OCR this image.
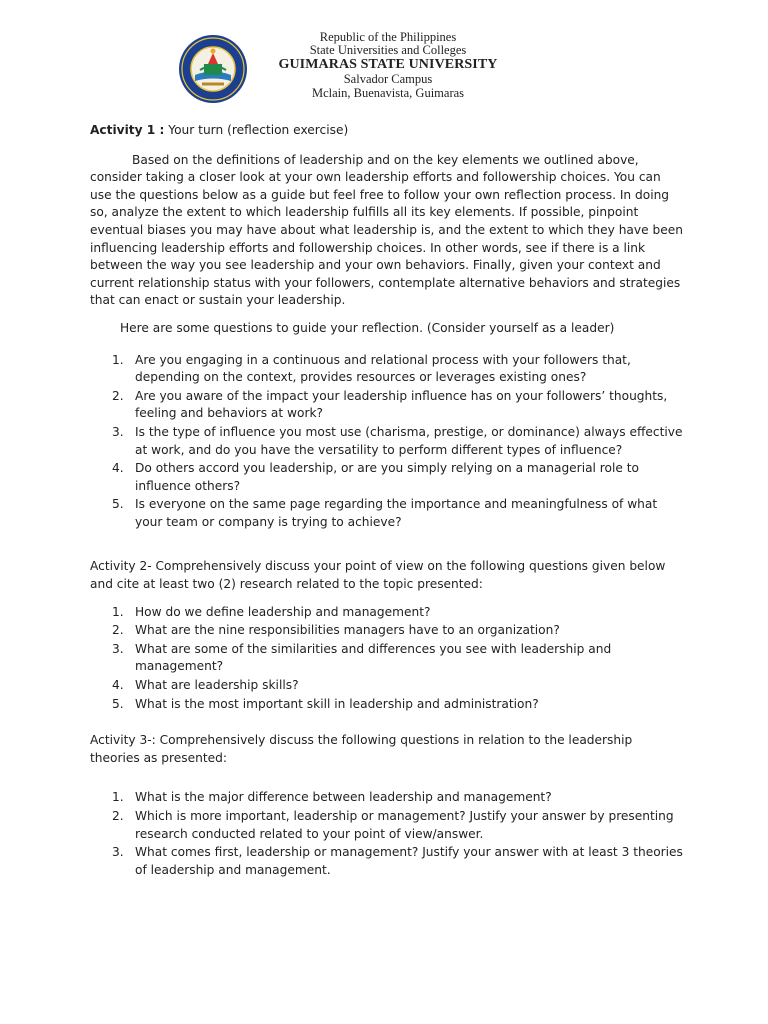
Republic of the Philippines
State Universities and Colleges
GUIMARAS STATE UNIVERSITY
Salvador Campus
Mclain, Buenavista, Guimaras

Activity 1 : Your turn (reflection exercise)

Based on the definitions of leadership and on the key elements we outlined above, consider taking a closer look at your own leadership efforts and followership choices. You can use the questions below as a guide but feel free to follow your own reflection process. In doing so, analyze the extent to which leadership fulfills all its key elements. If possible, pinpoint eventual biases you may have about what leadership is, and the extent to which they have been influencing leadership efforts and followership choices. In other words, see if there is a link between the way you see leadership and your own behaviors. Finally, given your context and current relationship status with your followers, contemplate alternative behaviors and strategies that can enact or sustain your leadership.

Here are some questions to guide your reflection. (Consider yourself as a leader)

1. Are you engaging in a continuous and relational process with your followers that, depending on the context, provides resources or leverages existing ones?
2. Are you aware of the impact your leadership influence has on your followers’ thoughts, feeling and behaviors at work?
3. Is the type of influence you most use (charisma, prestige, or dominance) always effective at work, and do you have the versatility to perform different types of influence?
4. Do others accord you leadership, or are you simply relying on a managerial role to influence others?
5. Is everyone on the same page regarding the importance and meaningfulness of what your team or company is trying to achieve?

Activity 2- Comprehensively discuss your point of view on the following questions given below and cite at least two (2) research related to the topic presented:

1. How do we define leadership and management?
2. What are the nine responsibilities managers have to an organization?
3. What are some of the similarities and differences you see with leadership and management?
4. What are leadership skills?
5. What is the most important skill in leadership and administration?

Activity 3-: Comprehensively discuss the following questions in relation to the leadership theories as presented:

1. What is the major difference between leadership and management?
2. Which is more important, leadership or management? Justify your answer by presenting research conducted related to your point of view/answer.
3. What comes first, leadership or management? Justify your answer with at least 3 theories of leadership and management.
